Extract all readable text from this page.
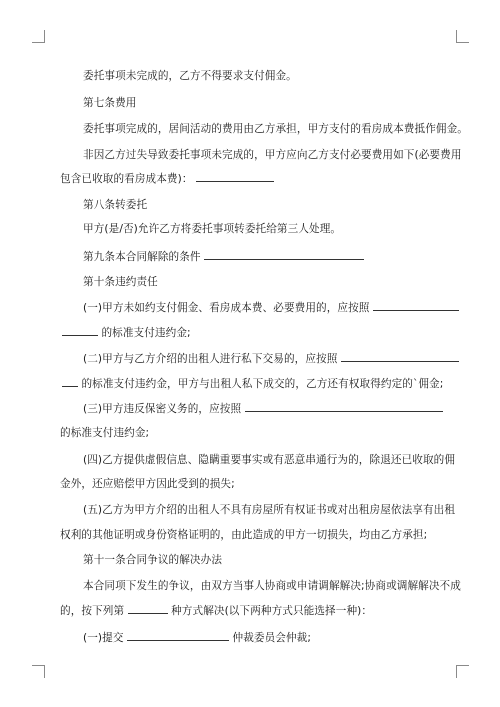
委托事项未完成的，乙方不得要求支付佣金。
第七条费用
委托事项完成的，居间活动的费用由乙方承担，甲方支付的看房成本费抵作佣金。
非因乙方过失导致委托事项未完成的，甲方应向乙方支付必要费用如下(必要费用
包含已收取的看房成本费)：
第八条转委托
甲方(是/否)允许乙方将委托事项转委托给第三人处理。
第九条本合同解除的条件
第十条违约责任
(一)甲方未如约支付佣金、看房成本费、必要费用的，应按照
的标准支付违约金;
(二)甲方与乙方介绍的出租人进行私下交易的，应按照
的标准支付违约金，甲方与出租人私下成交的，乙方还有权取得约定的`佣金;
(三)甲方违反保密义务的，应按照
的标准支付违约金;
(四)乙方提供虚假信息、隐瞒重要事实或有恶意串通行为的，除退还已收取的佣
金外，还应赔偿甲方因此受到的损失;
(五)乙方为甲方介绍的出租人不具有房屋所有权证书或对出租房屋依法享有出租
权利的其他证明或身份资格证明的，由此造成的甲方一切损失，均由乙方承担;
第十一条合同争议的解决办法
本合同项下发生的争议，由双方当事人协商或申请调解解决;协商或调解解决不成
的，按下列第	种方式解决(以下两种方式只能选择一种)：
(一)提交	仲裁委员会仲裁;
